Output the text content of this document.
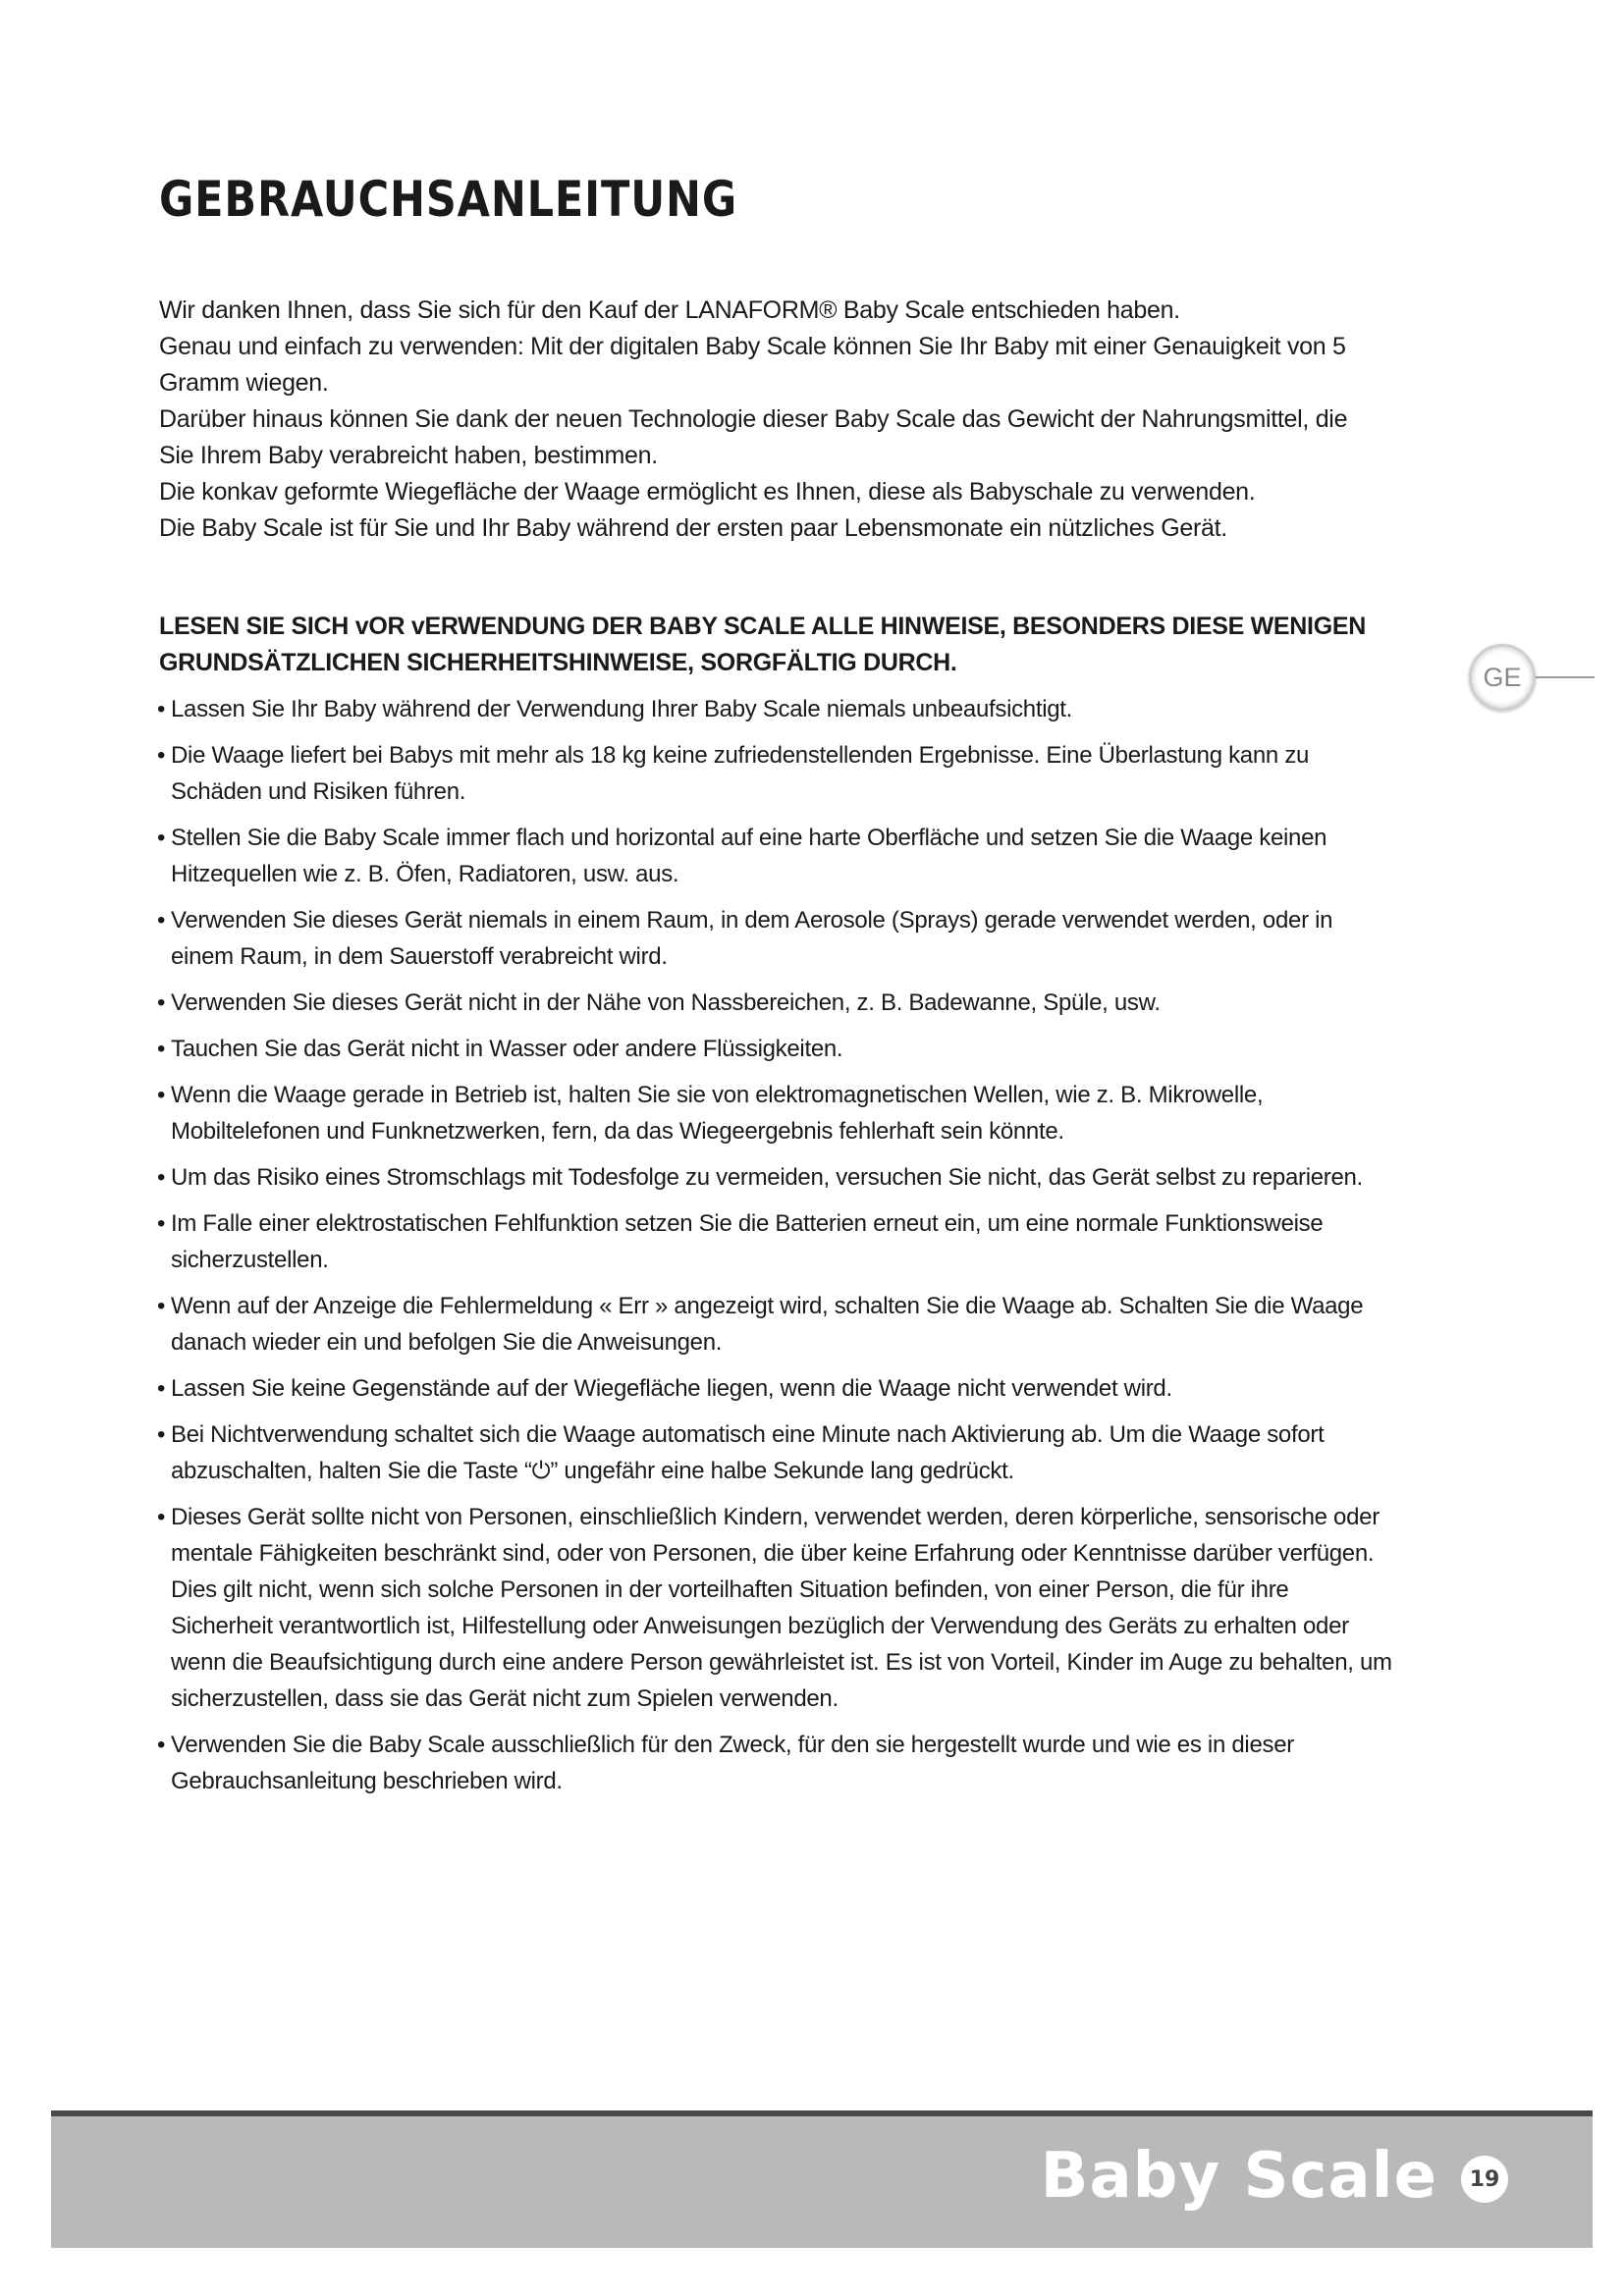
GEBRAUCHSANLEITUNG

Wir danken Ihnen, dass Sie sich für den Kauf der LANAFORM® Baby Scale entschieden haben.

Genau und einfach zu verwenden: Mit der digitalen Baby Scale können Sie Ihr Baby mit einer Genauigkeit von 5 Gramm wiegen.

Darüber hinaus können Sie dank der neuen Technologie dieser Baby Scale das Gewicht der Nahrungsmittel, die Sie Ihrem Baby verabreicht haben, bestimmen.

Die konkav geformte Wiegefläche der Waage ermöglicht es Ihnen, diese als Babyschale zu verwenden.

Die Baby Scale ist für Sie und Ihr Baby während der ersten paar Lebensmonate ein nützliches Gerät.

LESEN SIE SICH vOR vERWENDUNG DER BABY SCALE ALLE HINWEISE, BESONDERS DIESE WENIGEN GRUNDSÄTZLICHEN SICHERHEITSHINWEISE, SORGFÄLTIG DURCH.
• Lassen Sie Ihr Baby während der Verwendung Ihrer Baby Scale niemals unbeaufsichtigt.
• Die Waage liefert bei Babys mit mehr als 18 kg keine zufriedenstellenden Ergebnisse. Eine Überlastung kann zu Schäden und Risiken führen.
• Stellen Sie die Baby Scale immer flach und horizontal auf eine harte Oberfläche und setzen Sie die Waage keinen Hitzequellen wie z. B. Öfen, Radiatoren, usw. aus.
• Verwenden Sie dieses Gerät niemals in einem Raum, in dem Aerosole (Sprays) gerade verwendet werden, oder in einem Raum, in dem Sauerstoff verabreicht wird.
• Verwenden Sie dieses Gerät nicht in der Nähe von Nassbereichen, z. B. Badewanne, Spüle, usw.
• Tauchen Sie das Gerät nicht in Wasser oder andere Flüssigkeiten.
• Wenn die Waage gerade in Betrieb ist, halten Sie sie von elektromagnetischen Wellen, wie z. B. Mikrowelle, Mobiltelefonen und Funknetzwerken, fern, da das Wiegeergebnis fehlerhaft sein könnte.
• Um das Risiko eines Stromschlags mit Todesfolge zu vermeiden, versuchen Sie nicht, das Gerät selbst zu reparieren.
• Im Falle einer elektrostatischen Fehlfunktion setzen Sie die Batterien erneut ein, um eine normale Funktionsweise sicherzustellen.
• Wenn auf der Anzeige die Fehlermeldung « Err » angezeigt wird, schalten Sie die Waage ab. Schalten Sie die Waage danach wieder ein und befolgen Sie die Anweisungen.
• Lassen Sie keine Gegenstände auf der Wiegefläche liegen, wenn die Waage nicht verwendet wird.
• Bei Nichtverwendung schaltet sich die Waage automatisch eine Minute nach Aktivierung ab. Um die Waage sofort abzuschalten, halten Sie die Taste “⏻” ungefähr eine halbe Sekunde lang gedrückt.
• Dieses Gerät sollte nicht von Personen, einschließlich Kindern, verwendet werden, deren körperliche, sensorische oder mentale Fähigkeiten beschränkt sind, oder von Personen, die über keine Erfahrung oder Kenntnisse darüber verfügen. Dies gilt nicht, wenn sich solche Personen in der vorteilhaften Situation befinden, von einer Person, die für ihre Sicherheit verantwortlich ist, Hilfestellung oder Anweisungen bezüglich der Verwendung des Geräts zu erhalten oder wenn die Beaufsichtigung durch eine andere Person gewährleistet ist. Es ist von Vorteil, Kinder im Auge zu behalten, um sicherzustellen, dass sie das Gerät nicht zum Spielen verwenden.
• Verwenden Sie die Baby Scale ausschließlich für den Zweck, für den sie hergestellt wurde und wie es in dieser Gebrauchsanleitung beschrieben wird.
GE
Baby Scale	19
